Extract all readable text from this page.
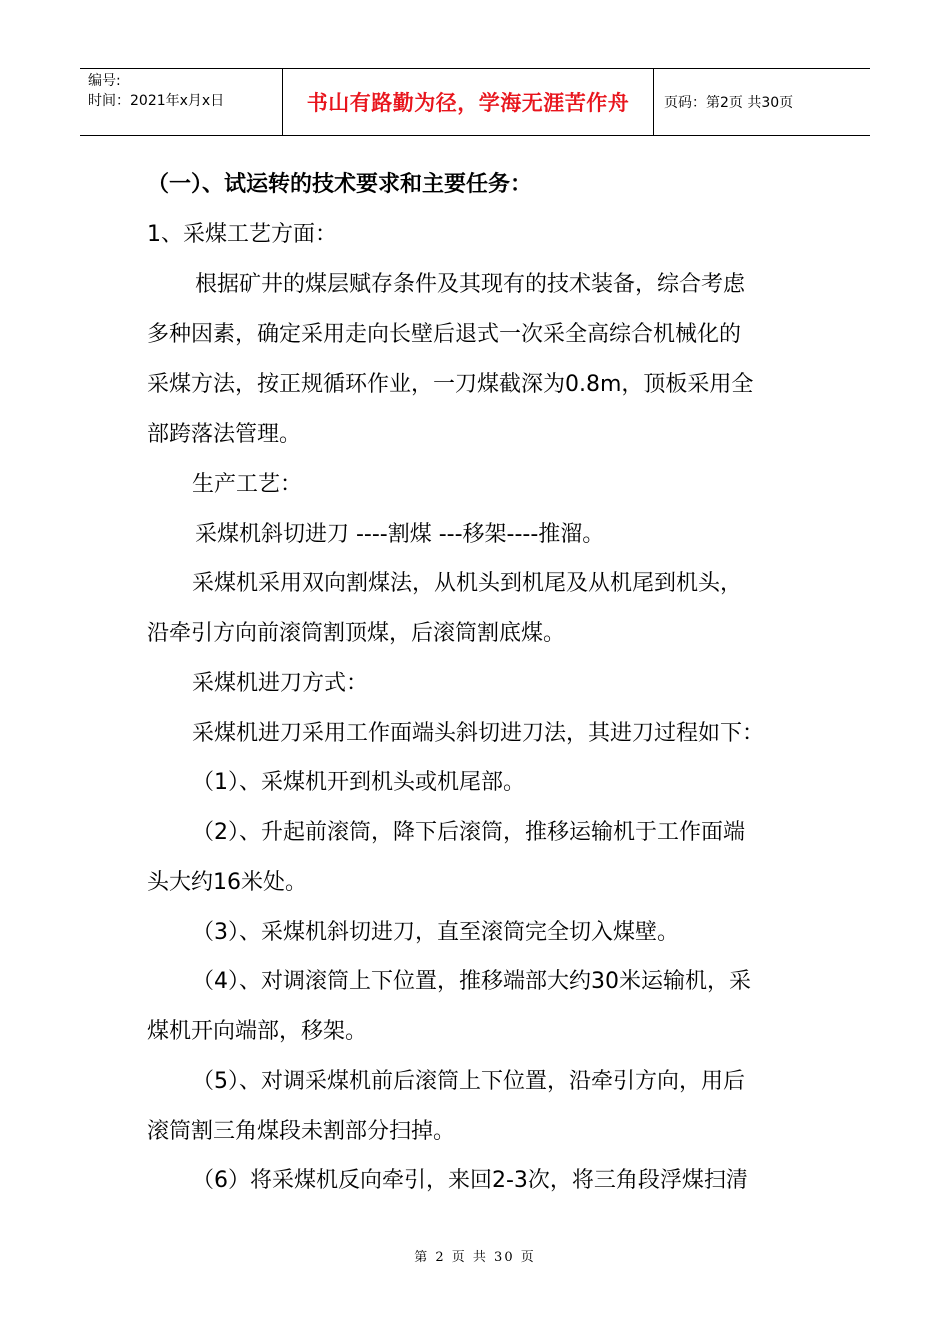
编号:
时间：2021年x月x日	书山有路勤为径，学海无涯苦作舟	页码：第2页 共30页
（一）、试运转的技术要求和主要任务：
1、采煤工艺方面：
根据矿井的煤层赋存条件及其现有的技术装备，综合考虑
多种因素，确定采用走向长壁后退式一次采全高综合机械化的
采煤方法，按正规循环作业，一刀煤截深为0.8m，顶板采用全
部跨落法管理。
生产工艺：
采煤机斜切进刀 ----割煤 ---移架----推溜。
采煤机采用双向割煤法，从机头到机尾及从机尾到机头，
沿牵引方向前滚筒割顶煤，后滚筒割底煤。
采煤机进刀方式：
采煤机进刀采用工作面端头斜切进刀法，其进刀过程如下：
（1）、采煤机开到机头或机尾部。
（2）、升起前滚筒，降下后滚筒，推移运输机于工作面端
头大约16米处。
（3）、采煤机斜切进刀，直至滚筒完全切入煤壁。
（4）、对调滚筒上下位置，推移端部大约30米运输机，采
煤机开向端部，移架。
（5）、对调采煤机前后滚筒上下位置，沿牵引方向，用后
滚筒割三角煤段未割部分扫掉。
（6）将采煤机反向牵引，来回2-3次，将三角段浮煤扫清
第 2 页 共 30 页
